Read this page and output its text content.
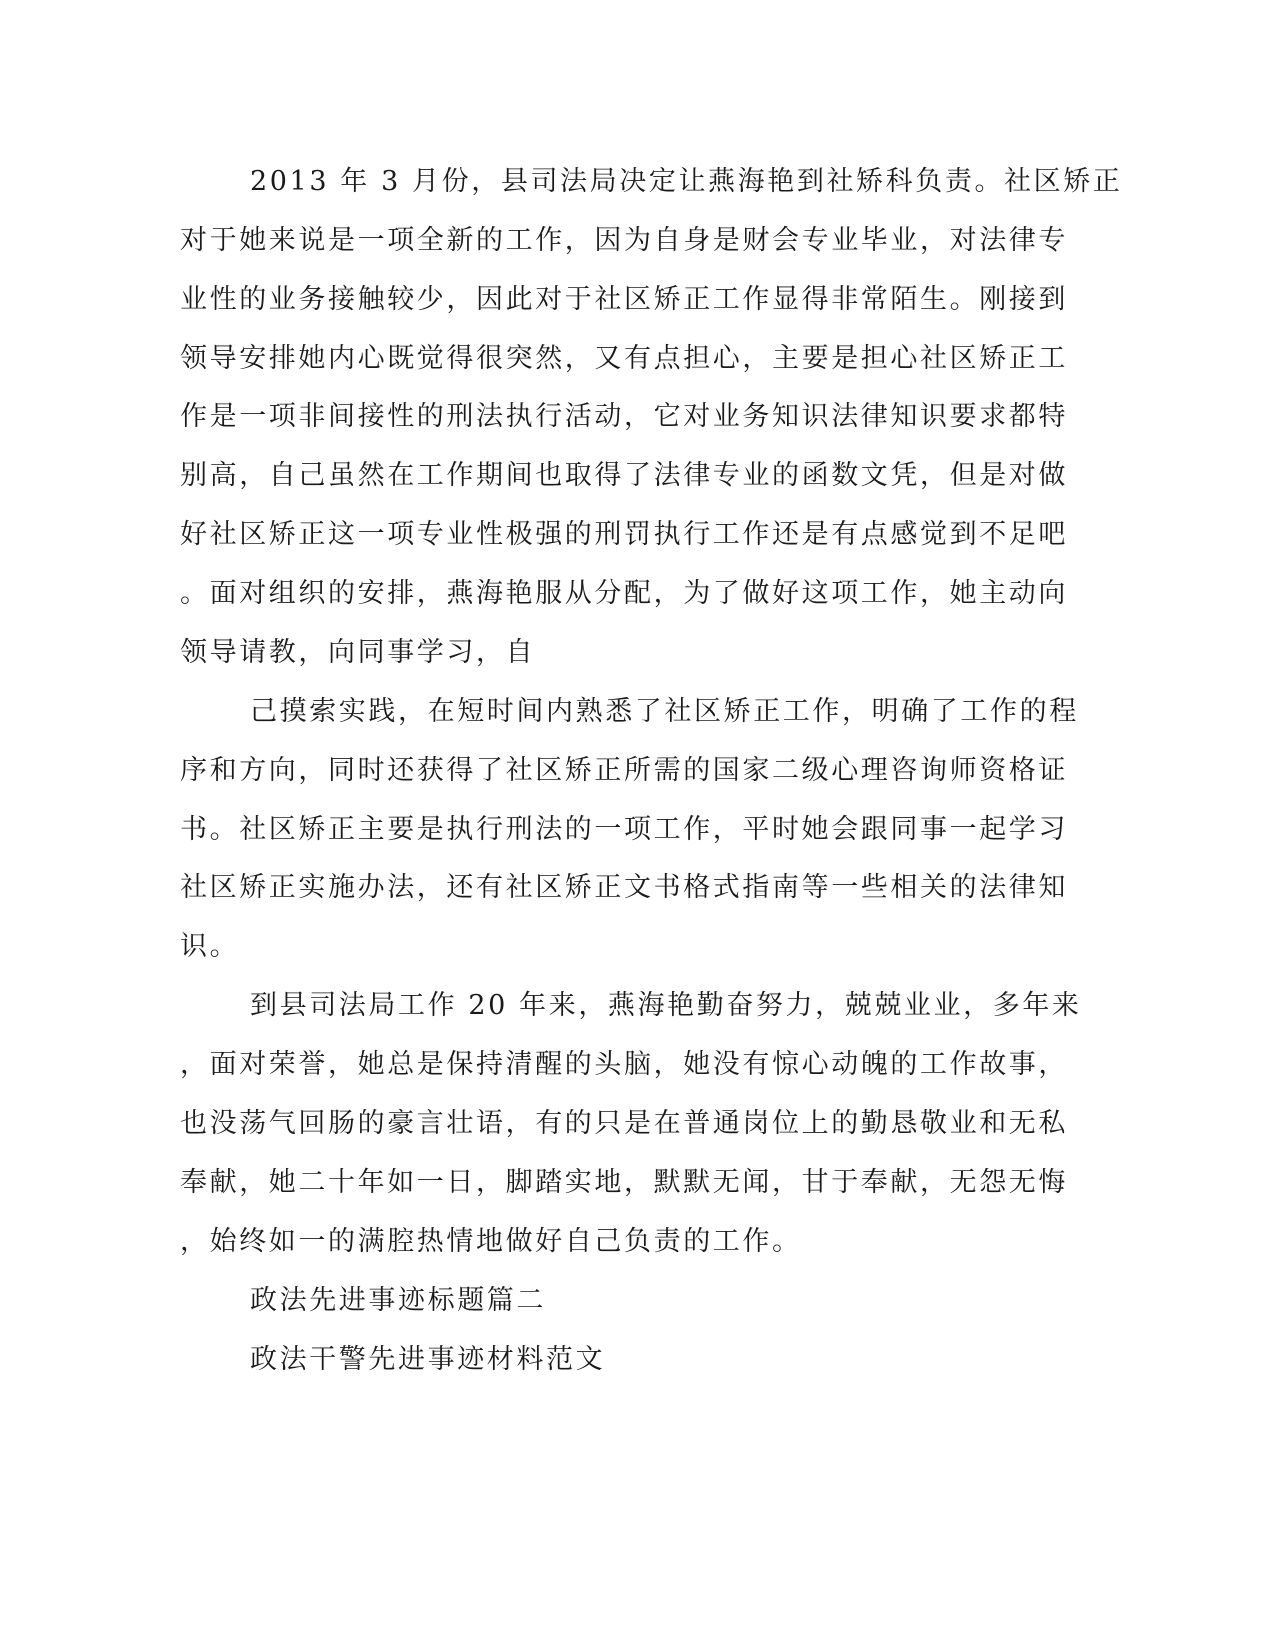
2013 年 3 月份，县司法局决定让燕海艳到社矫科负责。社区矫正

对于她来说是一项全新的工作，因为自身是财会专业毕业，对法律专

业性的业务接触较少，因此对于社区矫正工作显得非常陌生。刚接到

领导安排她内心既觉得很突然，又有点担心，主要是担心社区矫正工

作是一项非间接性的刑法执行活动，它对业务知识法律知识要求都特

别高，自己虽然在工作期间也取得了法律专业的函数文凭，但是对做

好社区矫正这一项专业性极强的刑罚执行工作还是有点感觉到不足吧

。面对组织的安排，燕海艳服从分配，为了做好这项工作，她主动向

领导请教，向同事学习，自

己摸索实践，在短时间内熟悉了社区矫正工作，明确了工作的程

序和方向，同时还获得了社区矫正所需的国家二级心理咨询师资格证

书。社区矫正主要是执行刑法的一项工作，平时她会跟同事一起学习

社区矫正实施办法，还有社区矫正文书格式指南等一些相关的法律知

识。

到县司法局工作 20 年来，燕海艳勤奋努力，兢兢业业，多年来

，面对荣誉，她总是保持清醒的头脑，她没有惊心动魄的工作故事，

也没荡气回肠的豪言壮语，有的只是在普通岗位上的勤恳敬业和无私

奉献，她二十年如一日，脚踏实地，默默无闻，甘于奉献，无怨无悔

，始终如一的满腔热情地做好自己负责的工作。

政法先进事迹标题篇二

政法干警先进事迹材料范文
